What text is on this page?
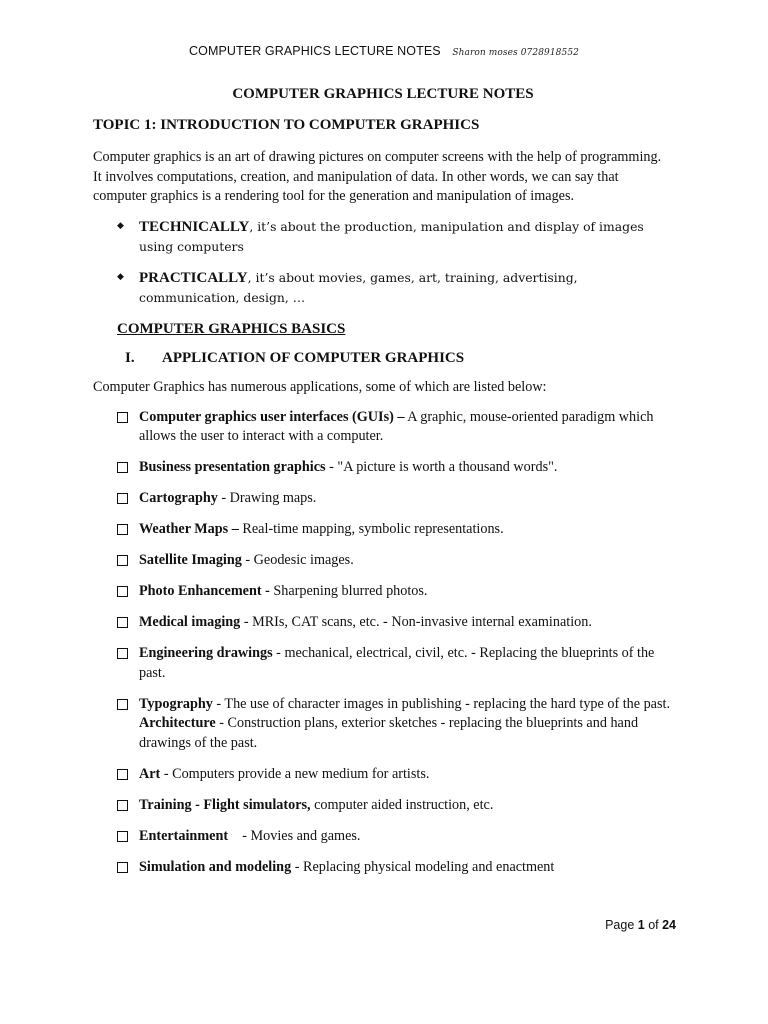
COMPUTER GRAPHICS LECTURE NOTES Sharon moses 0728918552
COMPUTER GRAPHICS LECTURE NOTES
TOPIC 1: INTRODUCTION TO COMPUTER GRAPHICS

Computer graphics is an art of drawing pictures on computer screens with the help of programming. It involves computations, creation, and manipulation of data. In other words, we can say that computer graphics is a rendering tool for the generation and manipulation of images.

◆ TECHNICALLY, it’s about the production, manipulation and display of images using computers
◆ PRACTICALLY, it’s about movies, games, art, training, advertising, communication, design, …
COMPUTER GRAPHICS BASICS
I. APPLICATION OF COMPUTER GRAPHICS

Computer Graphics has numerous applications, some of which are listed below:

Computer graphics user interfaces (GUIs) – A graphic, mouse-oriented paradigm which allows the user to interact with a computer.
Business presentation graphics - "A picture is worth a thousand words".
Cartography - Drawing maps.
Weather Maps – Real-time mapping, symbolic representations.
Satellite Imaging - Geodesic images.
Photo Enhancement - Sharpening blurred photos.
Medical imaging - MRIs, CAT scans, etc. - Non-invasive internal examination.
Engineering drawings - mechanical, electrical, civil, etc. - Replacing the blueprints of the past.
Typography - The use of character images in publishing - replacing the hard type of the past. Architecture - Construction plans, exterior sketches - replacing the blueprints and hand drawings of the past.
Art - Computers provide a new medium for artists.
Training - Flight simulators, computer aided instruction, etc.
Entertainment    - Movies and games.
Simulation and modeling - Replacing physical modeling and enactment
Page 1 of 24
